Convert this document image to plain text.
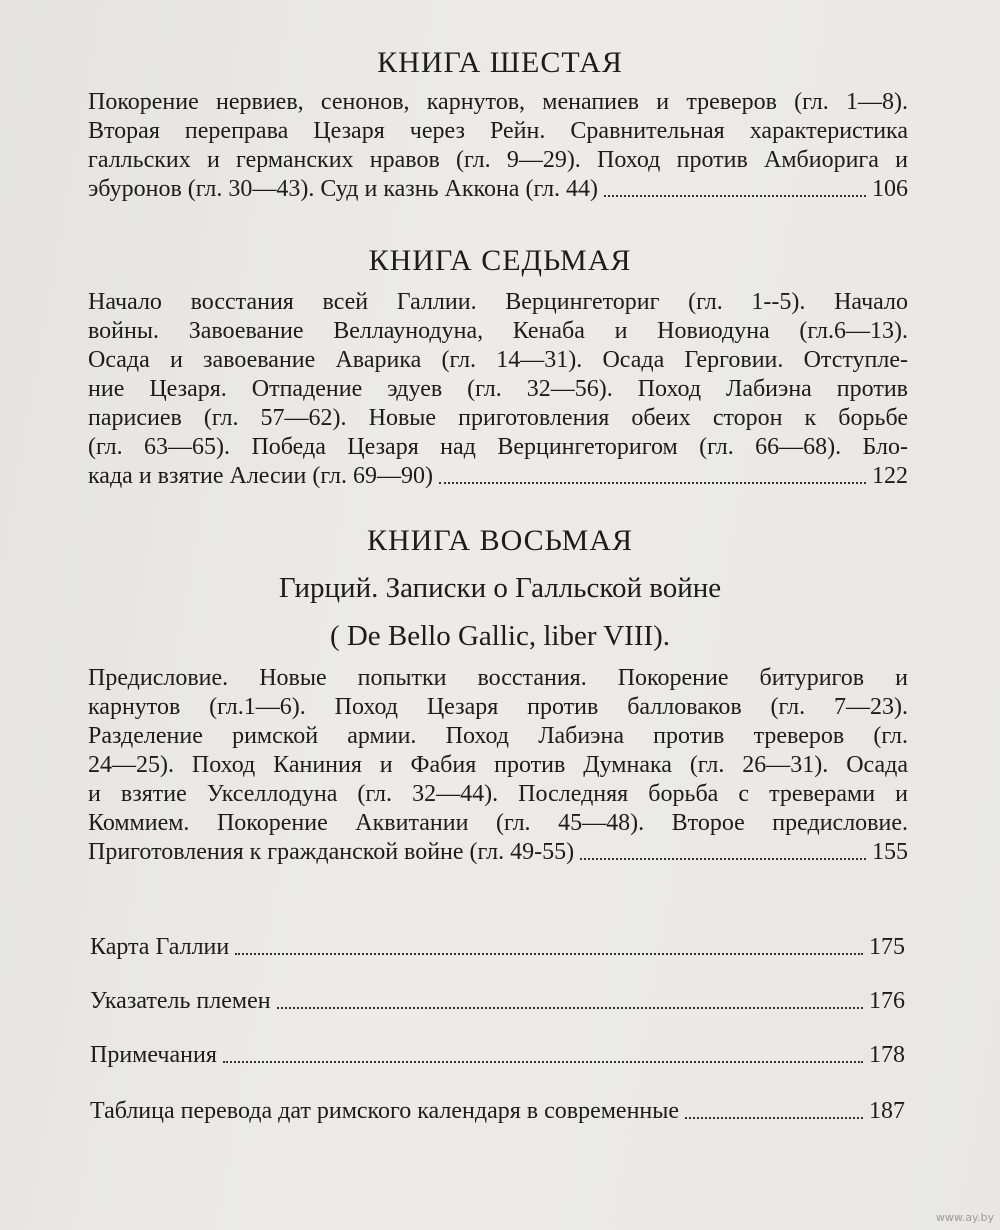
КНИГА ШЕСТАЯ
Покорение нервиев, сенонов, карнутов, менапиев и треверов (гл. 1—8).
Вторая переправа Цезаря через Рейн. Сравнительная характеристика
галльских и германских нравов (гл. 9—29). Поход против Амбиорига и
эбуронов (гл. 30—43). Суд и казнь Аккона (гл. 44)	106
КНИГА СЕДЬМАЯ
Начало восстания всей Галлии. Верцингеториг (гл. 1--5). Начало
войны. Завоевание Веллаунодуна, Кенаба и Новиодуна (гл.6—13).
Осада и завоевание Аварика (гл. 14—31). Осада Герговии. Отступле-
ние Цезаря. Отпадение эдуев (гл. 32—56). Поход Лабиэна против
парисиев (гл. 57—62). Новые приготовления обеих сторон к борьбе
(гл. 63—65). Победа Цезаря над Верцингеторигом (гл. 66—68). Бло-
када и взятие Алесии (гл. 69—90)	122
КНИГА ВОСЬМАЯ
Гирций. Записки о Галльской войне
( De Bello Gallic, liber VIII).
Предисловие. Новые попытки восстания. Покорение битуригов и
карнутов (гл.1—6). Поход Цезаря против балловаков (гл. 7—23).
Разделение римской армии. Поход Лабиэна против треверов (гл.
24—25). Поход Каниния и Фабия против Думнака (гл. 26—31). Осада
и взятие Укселлодуна (гл. 32—44). Последняя борьба с треверами и
Коммием. Покорение Аквитании (гл. 45—48). Второе предисловие.
Приготовления к гражданской войне (гл. 49-55)	155
Карта Галлии	175
Указатель племен	176
Примечания	178
Таблица перевода дат римского календаря в современные	187
www.ay.by
